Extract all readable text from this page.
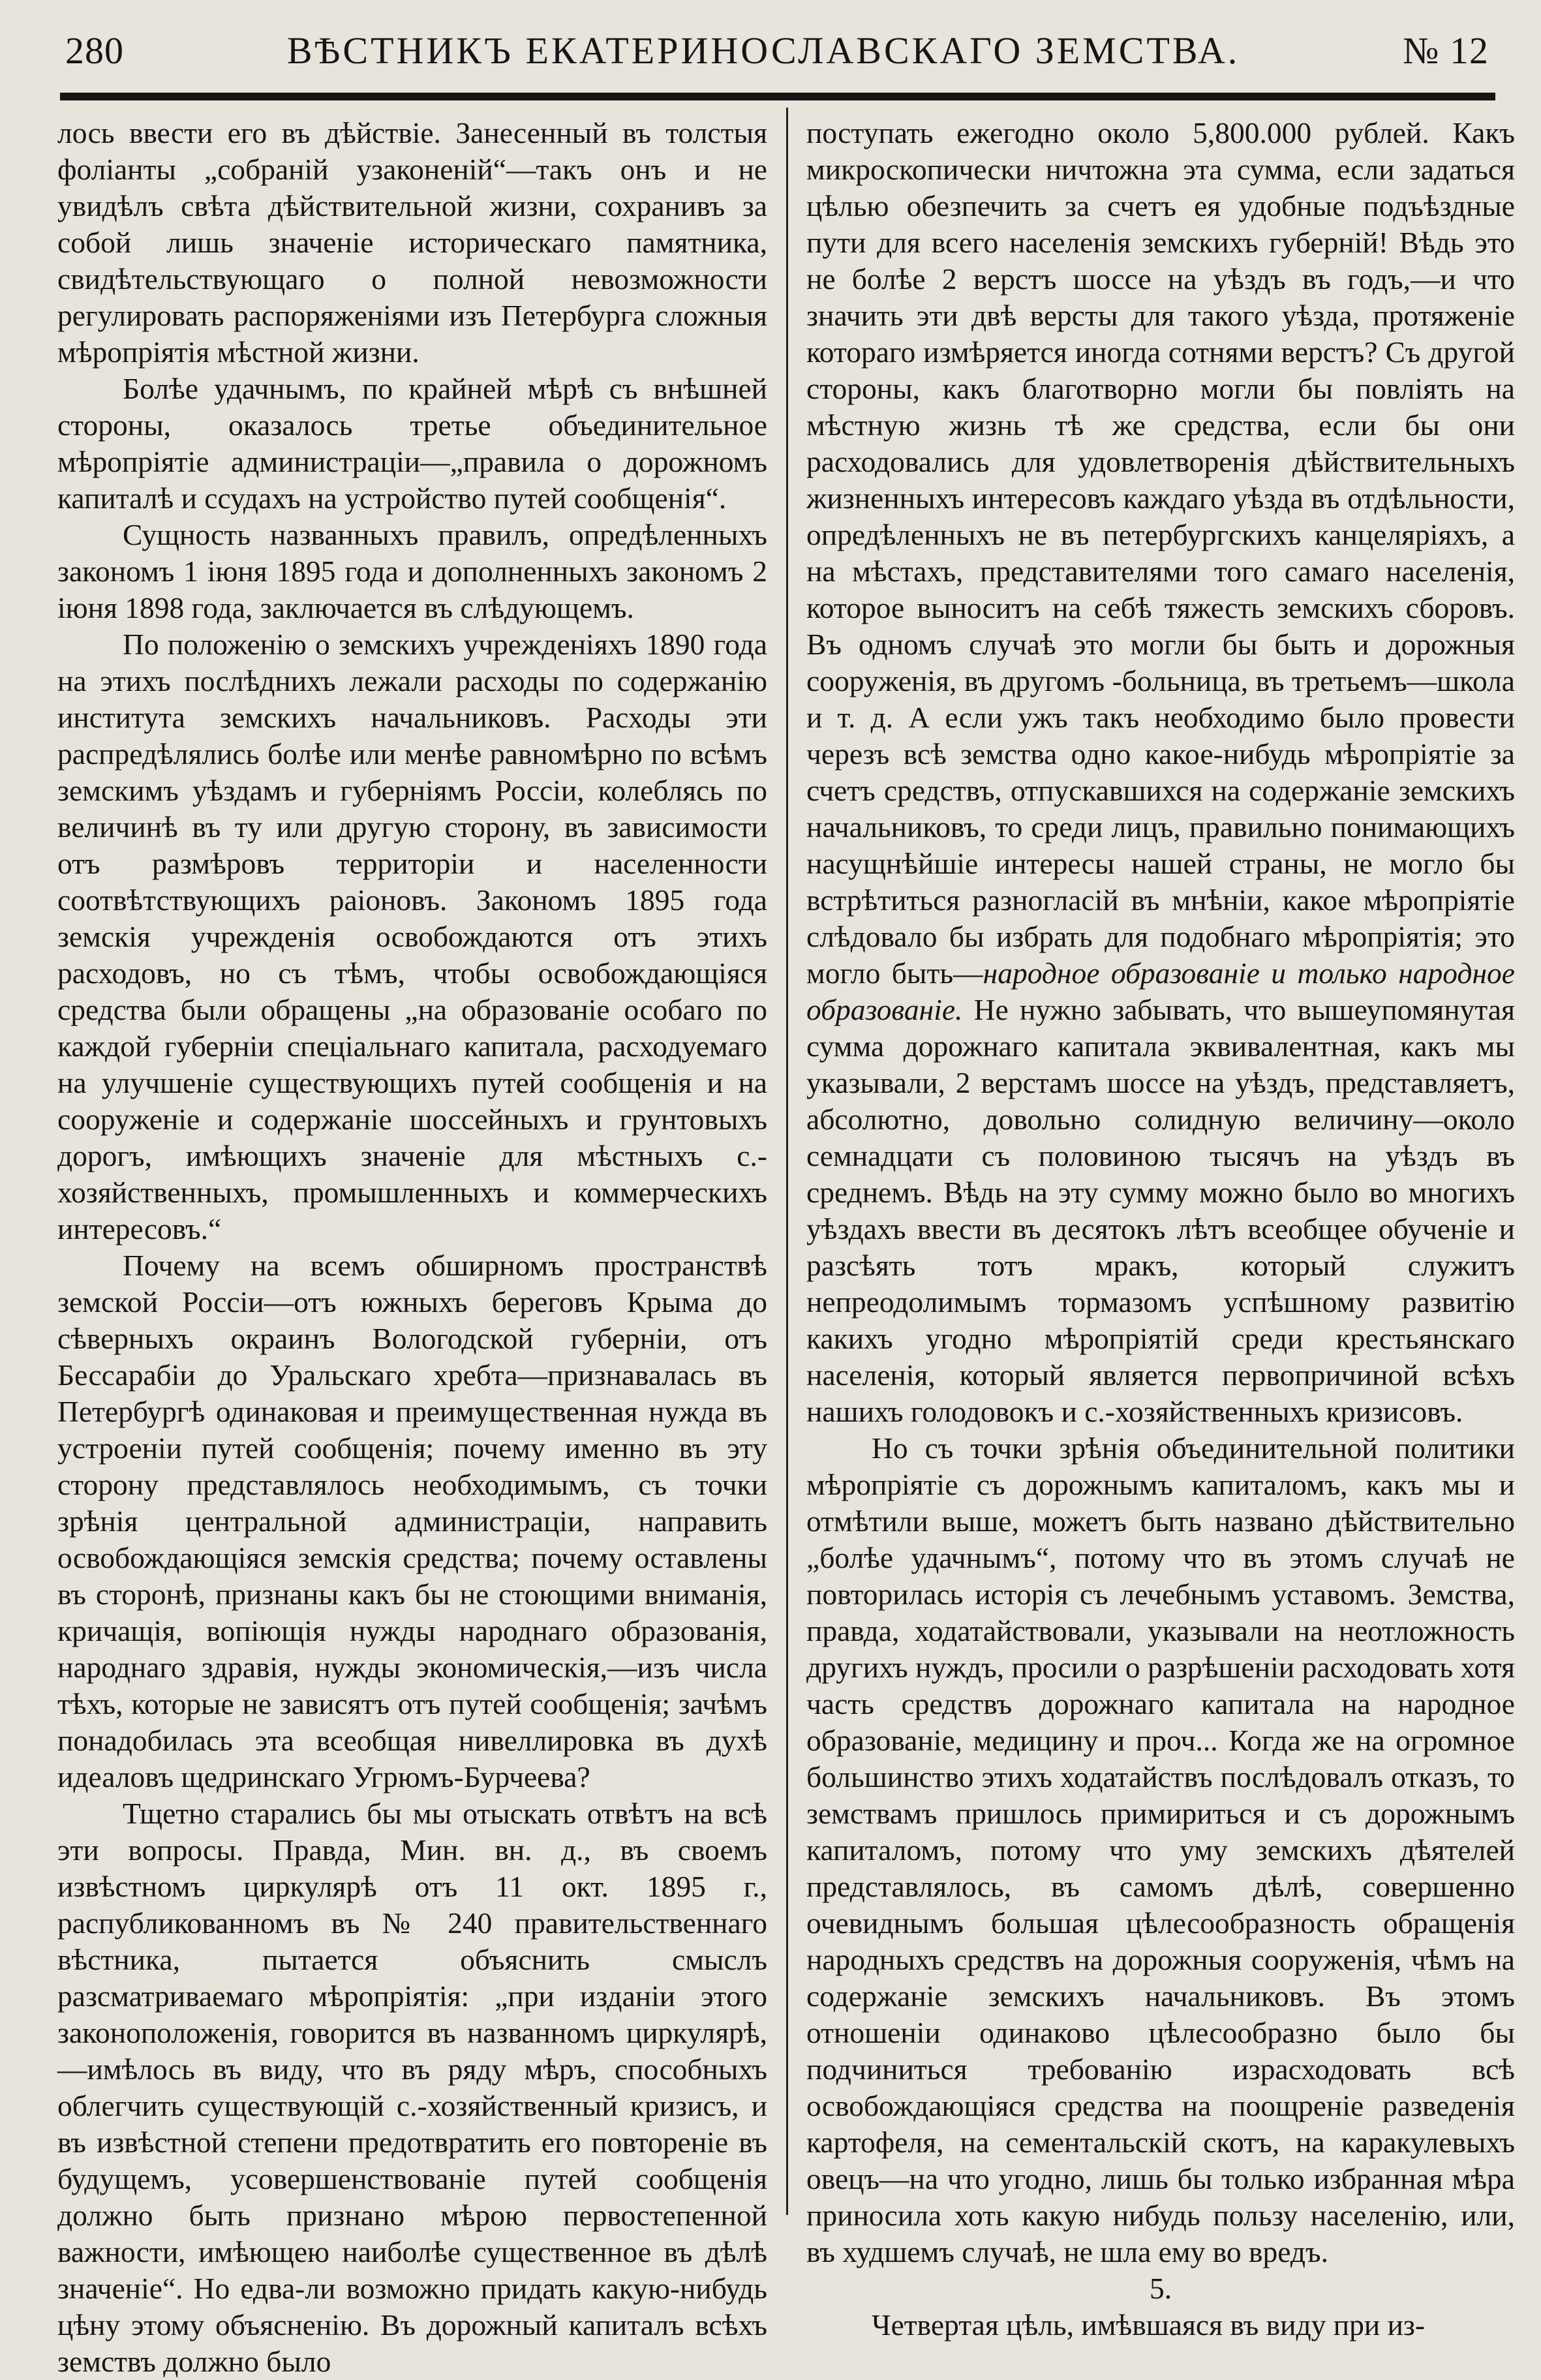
280	ВѢСТНИКЪ ЕКАТЕРИНОСЛАВСКАГО ЗЕМСТВА.	№ 12

лось ввести его въ дѣйствіе. Занесенный въ толстыя фоліанты „собраній узаконеній“—такъ онъ и не увидѣлъ свѣта дѣйствительной жизни, сохранивъ за собой лишь значеніе историческаго памятника, свидѣтельствующаго о полной невозможности регулировать распоряженіями изъ Петербурга сложныя мѣропріятія мѣстной жизни.

Болѣе удачнымъ, по крайней мѣрѣ съ внѣшней стороны, оказалось третье объединительное мѣропріятіе администраціи—„правила о дорожномъ капиталѣ и ссудахъ на устройство путей сообщенія“.

Сущность названныхъ правилъ, опредѣленныхъ закономъ 1 іюня 1895 года и дополненныхъ закономъ 2 іюня 1898 года, заключается въ слѣдующемъ.

По положенію о земскихъ учрежденіяхъ 1890 года на этихъ послѣднихъ лежали расходы по содержанію института земскихъ начальниковъ. Расходы эти распредѣлялись болѣе или менѣе равномѣрно по всѣмъ земскимъ уѣздамъ и губерніямъ Россіи, колеблясь по величинѣ въ ту или другую сторону, въ зависимости отъ размѣровъ территоріи и населенности соотвѣтствующихъ раіоновъ. Закономъ 1895 года земскія учрежденія освобождаются отъ этихъ расходовъ, но съ тѣмъ, чтобы освобождающіяся средства были обращены „на образованіе особаго по каждой губерніи спеціальнаго капитала, расходуемаго на улучшеніе существующихъ путей сообщенія и на сооруженіе и содержаніе шоссейныхъ и грунтовыхъ дорогъ, имѣющихъ значеніе для мѣстныхъ с.-хозяйственныхъ, промышленныхъ и коммерческихъ интересовъ.“

Почему на всемъ обширномъ пространствѣ земской Россіи—отъ южныхъ береговъ Крыма до сѣверныхъ окраинъ Вологодской губерніи, отъ Бессарабіи до Уральскаго хребта—признавалась въ Петербургѣ одинаковая и преимущественная нужда въ устроеніи путей сообщенія; почему именно въ эту сторону представлялось необходимымъ, съ точки зрѣнія центральной администраціи, направить освобождающіяся земскія средства; почему оставлены въ сторонѣ, признаны какъ бы не стоющими вниманія, кричащія, вопіющія нужды народнаго образованія, народнаго здравія, нужды экономическія,—изъ числа тѣхъ, которые не зависятъ отъ путей сообщенія; зачѣмъ понадобилась эта всеобщая нивеллировка въ духѣ идеаловъ щедринскаго Угрюмъ-Бурчеева?

Тщетно старались бы мы отыскать отвѣтъ на всѣ эти вопросы. Правда, Мин. вн. д., въ своемъ извѣстномъ циркулярѣ отъ 11 окт. 1895 г., распубликованномъ въ № 240 правительственнаго вѣстника, пытается объяснить смыслъ разсматриваемаго мѣропріятія: „при изданіи этого законоположенія, говорится въ названномъ циркулярѣ,—имѣлось въ виду, что въ ряду мѣръ, способныхъ облегчить существующій с.-хозяйственный кризисъ, и въ извѣстной степени предотвратить его повтореніе въ будущемъ, усовершенствованіе путей сообщенія должно быть признано мѣрою первостепенной важности, имѣющею наиболѣе существенное въ дѣлѣ значеніе“. Но едва-ли возможно придать какую-нибудь цѣну этому объясненію. Въ дорожный капиталъ всѣхъ земствъ должно было

поступать ежегодно около 5,800.000 рублей. Какъ микроскопически ничтожна эта сумма, если задаться цѣлью обезпечить за счетъ ея удобные подъѣздные пути для всего населенія земскихъ губерній! Вѣдь это не болѣе 2 верстъ шоссе на уѣздъ въ годъ,—и что значить эти двѣ версты для такого уѣзда, протяженіе котораго измѣряется иногда сотнями верстъ? Съ другой стороны, какъ благотворно могли бы повліять на мѣстную жизнь тѣ же средства, если бы они расходовались для удовлетворенія дѣйствительныхъ жизненныхъ интересовъ каждаго уѣзда въ отдѣльности, опредѣленныхъ не въ петербургскихъ канцеляріяхъ, а на мѣстахъ, представителями того самаго населенія, которое выноситъ на себѣ тяжесть земскихъ сборовъ. Въ одномъ случаѣ это могли бы быть и дорожныя сооруженія, въ другомъ -больница, въ третьемъ—школа и т. д. А если ужъ такъ необходимо было провести черезъ всѣ земства одно какое-нибудь мѣропріятіе за счетъ средствъ, отпускавшихся на содержаніе земскихъ начальниковъ, то среди лицъ, правильно понимающихъ насущнѣйшіе интересы нашей страны, не могло бы встрѣтиться разногласій въ мнѣніи, какое мѣропріятіе слѣдовало бы избрать для подобнаго мѣропріятія; это могло быть—народное образованіе и только народное образованіе. Не нужно забывать, что вышеупомянутая сумма дорожнаго капитала эквивалентная, какъ мы указывали, 2 верстамъ шоссе на уѣздъ, представляетъ, абсолютно, довольно солидную величину—около семнадцати съ половиною тысячъ на уѣздъ въ среднемъ. Вѣдь на эту сумму можно было во многихъ уѣздахъ ввести въ десятокъ лѣтъ всеобщее обученіе и разсѣять тотъ мракъ, который служитъ непреодолимымъ тормазомъ успѣшному развитію какихъ угодно мѣропріятій среди крестьянскаго населенія, который является первопричиной всѣхъ нашихъ голодовокъ и с.-хозяйственныхъ кризисовъ.

Но съ точки зрѣнія объединительной политики мѣропріятіе съ дорожнымъ капиталомъ, какъ мы и отмѣтили выше, можетъ быть названо дѣйствительно „болѣе удачнымъ“, потому что въ этомъ случаѣ не повторилась исторія съ лечебнымъ уставомъ. Земства, правда, ходатайствовали, указывали на неотложность другихъ нуждъ, просили о разрѣшеніи расходовать хотя часть средствъ дорожнаго капитала на народное образованіе, медицину и проч... Когда же на огромное большинство этихъ ходатайствъ послѣдовалъ отказъ, то земствамъ пришлось примириться и съ дорожнымъ капиталомъ, потому что уму земскихъ дѣятелей представлялось, въ самомъ дѣлѣ, совершенно очевиднымъ большая цѣлесообразность обращенія народныхъ средствъ на дорожныя сооруженія, чѣмъ на содержаніе земскихъ начальниковъ. Въ этомъ отношеніи одинаково цѣлесообразно было бы подчиниться требованію израсходовать всѣ освобождающіяся средства на поощреніе разведенія картофеля, на сементальскій скотъ, на каракулевыхъ овецъ—на что угодно, лишь бы только избранная мѣра приносила хоть какую нибудь пользу населенію, или, въ худшемъ случаѣ, не шла ему во вредъ.

5.

Четвертая цѣль, имѣвшаяся въ виду при из-
